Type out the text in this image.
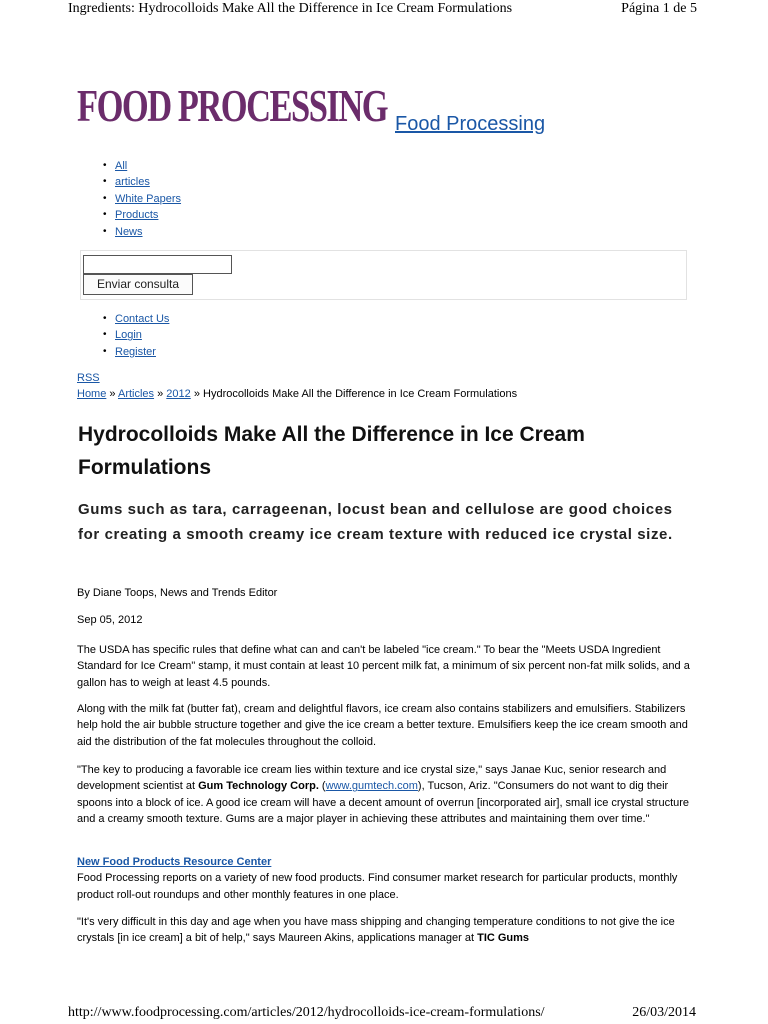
Ingredients: Hydrocolloids Make All the Difference in Ice Cream Formulations	Página 1 de 5
FOOD PROCESSING Food Processing
• All
• articles
• White Papers
• Products
• News
Enviar consulta
• Contact Us
• Login
• Register
RSS
Home » Articles » 2012 » Hydrocolloids Make All the Difference in Ice Cream Formulations
Hydrocolloids Make All the Difference in Ice Cream Formulations

Gums such as tara, carrageenan, locust bean and cellulose are good choices for creating a smooth creamy ice cream texture with reduced ice crystal size.

By Diane Toops, News and Trends Editor
Sep 05, 2012

The USDA has specific rules that define what can and can't be labeled "ice cream." To bear the "Meets USDA Ingredient Standard for Ice Cream" stamp, it must contain at least 10 percent milk fat, a minimum of six percent non-fat milk solids, and a gallon has to weigh at least 4.5 pounds.

Along with the milk fat (butter fat), cream and delightful flavors, ice cream also contains stabilizers and emulsifiers. Stabilizers help hold the air bubble structure together and give the ice cream a better texture. Emulsifiers keep the ice cream smooth and aid the distribution of the fat molecules throughout the colloid.

"The key to producing a favorable ice cream lies within texture and ice crystal size," says Janae Kuc, senior research and development scientist at Gum Technology Corp. (www.gumtech.com), Tucson, Ariz. "Consumers do not want to dig their spoons into a block of ice. A good ice cream will have a decent amount of overrun [incorporated air], small ice crystal structure and a creamy smooth texture. Gums are a major player in achieving these attributes and maintaining them over time."

New Food Products Resource Center
Food Processing reports on a variety of new food products. Find consumer market research for particular products, monthly product roll-out roundups and other monthly features in one place.

"It's very difficult in this day and age when you have mass shipping and changing temperature conditions to not give the ice crystals [in ice cream] a bit of help," says Maureen Akins, applications manager at TIC Gums

http://www.foodprocessing.com/articles/2012/hydrocolloids-ice-cream-formulations/	26/03/2014
